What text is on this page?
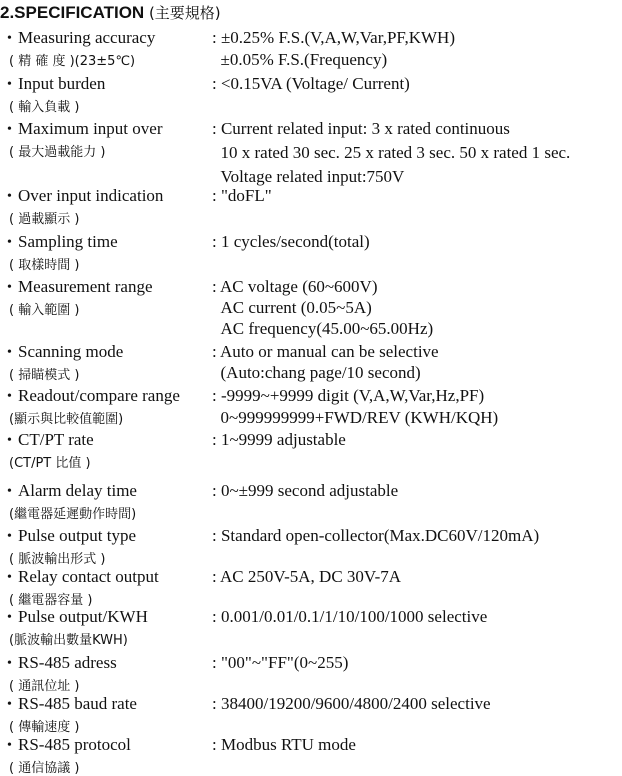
2.SPECIFICATION (主要規格)
• Measuring accuracy
( 精 確 度 )(23±5℃)
: ±0.25% F.S.(V,A,W,Var,PF,KWH)
±0.05% F.S.(Frequency)
• Input burden
( 輸入負載 )
: <0.15VA (Voltage/ Current)
• Maximum input over
( 最大過載能力 )
: Current related input: 3 x rated continuous
10 x rated 30 sec. 25 x rated 3 sec. 50 x rated 1 sec.
Voltage related input:750V
• Over input indication
( 過載顯示 )
: "doFL"
• Sampling time
( 取樣時間 )
: 1 cycles/second(total)
• Measurement range
( 輸入範圍 )
: AC voltage (60~600V)
AC current (0.05~5A)
AC frequency(45.00~65.00Hz)
• Scanning mode
( 掃瞄模式 )
: Auto or manual can be selective
(Auto:chang page/10 second)
• Readout/compare range
(顯示與比較值範圍)
: -9999~+9999 digit (V,A,W,Var,Hz,PF)
0~999999999+FWD/REV (KWH/KQH)
• CT/PT rate
(CT/PT 比值 )
: 1~9999 adjustable
• Alarm delay time
(繼電器延遲動作時間)
: 0~±999 second adjustable
• Pulse output type
( 脈波輸出形式 )
: Standard open-collector(Max.DC60V/120mA)
• Relay contact output
( 繼電器容量 )
: AC 250V-5A, DC 30V-7A
• Pulse output/KWH
(脈波輸出數量KWH)
: 0.001/0.01/0.1/1/10/100/1000 selective
• RS-485 adress
( 通訊位址 )
: "00"~"FF"(0~255)
• RS-485 baud rate
( 傳輸速度 )
: 38400/19200/9600/4800/2400 selective
• RS-485 protocol
( 通信協議 )
: Modbus RTU mode
